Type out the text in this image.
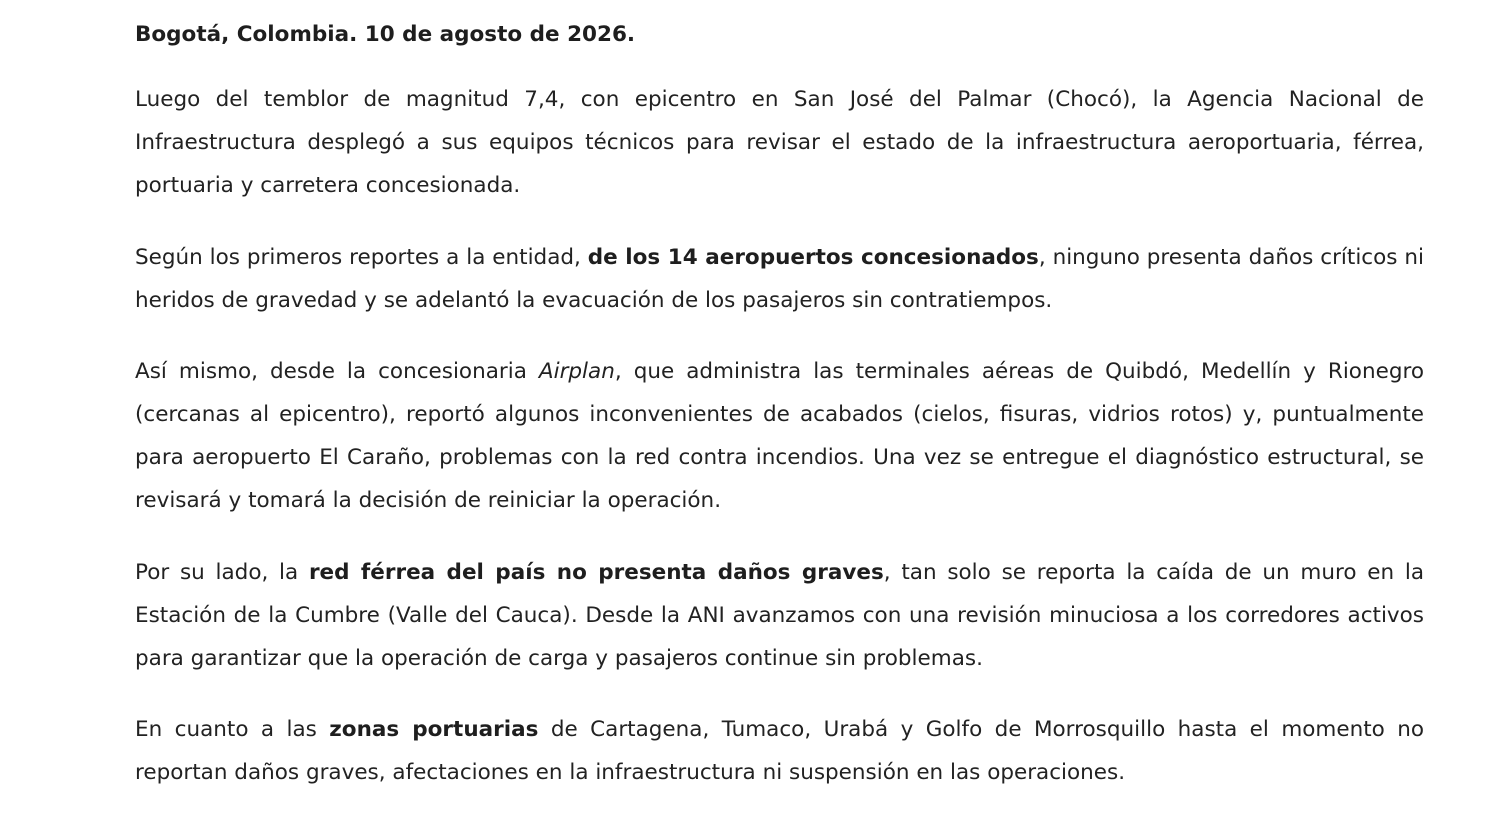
Bogotá, Colombia. 10 de agosto de 2026.

Luego del temblor de magnitud 7,4, con epicentro en San José del Palmar (Chocó), la Agencia Nacional de Infraestructura desplegó a sus equipos técnicos para revisar el estado de la infraestructura aeroportuaria, férrea, portuaria y carretera concesionada.

Según los primeros reportes a la entidad, de los 14 aeropuertos concesionados, ninguno presenta daños críticos ni heridos de gravedad y se adelantó la evacuación de los pasajeros sin contratiempos.

Así mismo, desde la concesionaria Airplan, que administra las terminales aéreas de Quibdó, Medellín y Rionegro (cercanas al epicentro), reportó algunos inconvenientes de acabados (cielos, fisuras, vidrios rotos) y, puntualmente para aeropuerto El Caraño, problemas con la red contra incendios. Una vez se entregue el diagnóstico estructural, se revisará y tomará la decisión de reiniciar la operación.

Por su lado, la red férrea del país no presenta daños graves, tan solo se reporta la caída de un muro en la Estación de la Cumbre (Valle del Cauca). Desde la ANI avanzamos con una revisión minuciosa a los corredores activos para garantizar que la operación de carga y pasajeros continue sin problemas.

En cuanto a las zonas portuarias de Cartagena, Tumaco, Urabá y Golfo de Morrosquillo hasta el momento no reportan daños graves, afectaciones en la infraestructura ni suspensión en las operaciones.
